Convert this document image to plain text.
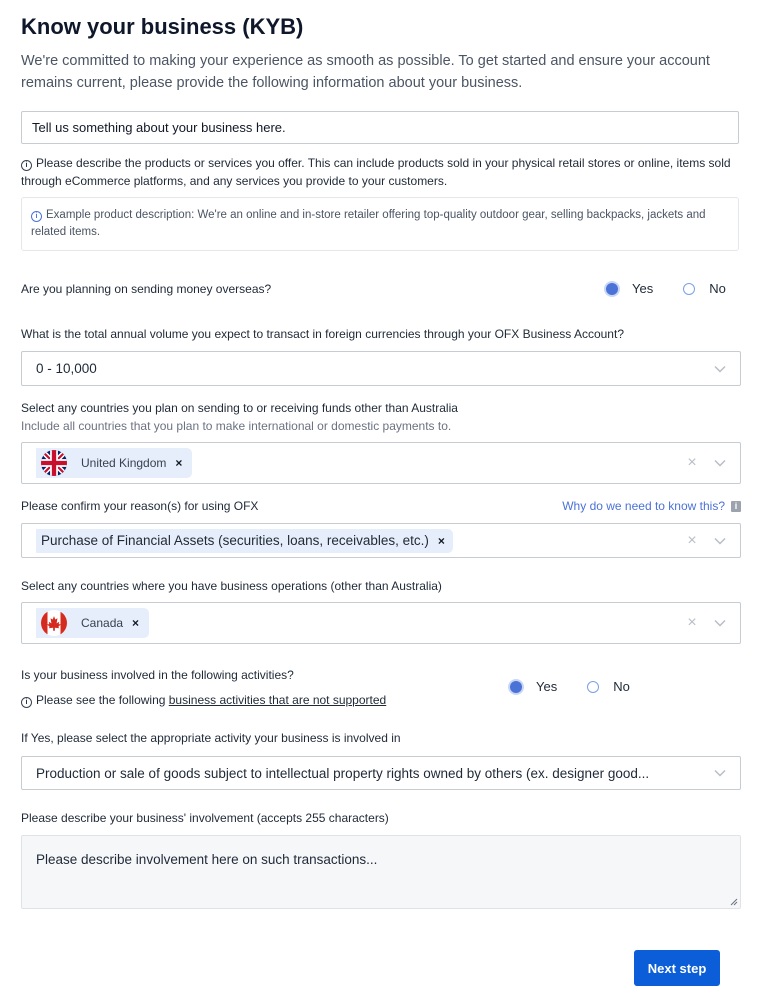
Know your business (KYB)

We're committed to making your experience as smooth as possible. To get started and ensure your account remains current, please provide the following information about your business.

Tell us something about your business here.
i Please describe the products or services you offer. This can include products sold in your physical retail stores or online, items sold through eCommerce platforms, and any services you provide to your customers.
i Example product description: We're an online and in-store retailer offering top-quality outdoor gear, selling backpacks, jackets and related items.
Are you planning on sending money overseas?	Yes	No
What is the total annual volume you expect to transact in foreign currencies through your OFX Business Account?
0 - 10,000
Select any countries you plan on sending to or receiving funds other than Australia
Include all countries that you plan to make international or domestic payments to.
United Kingdom ×	×
Please confirm your reason(s) for using OFX	Why do we need to know this?	i
Purchase of Financial Assets (securities, loans, receivables, etc.) ×	×
Select any countries where you have business operations (other than Australia)
Canada ×	×
Is your business involved in the following activities?
i Please see the following business activities that are not supported
Yes	No
If Yes, please select the appropriate activity your business is involved in
Production or sale of goods subject to intellectual property rights owned by others (ex. designer good...
Please describe your business' involvement (accepts 255 characters)
Please describe involvement here on such transactions...
Next step
